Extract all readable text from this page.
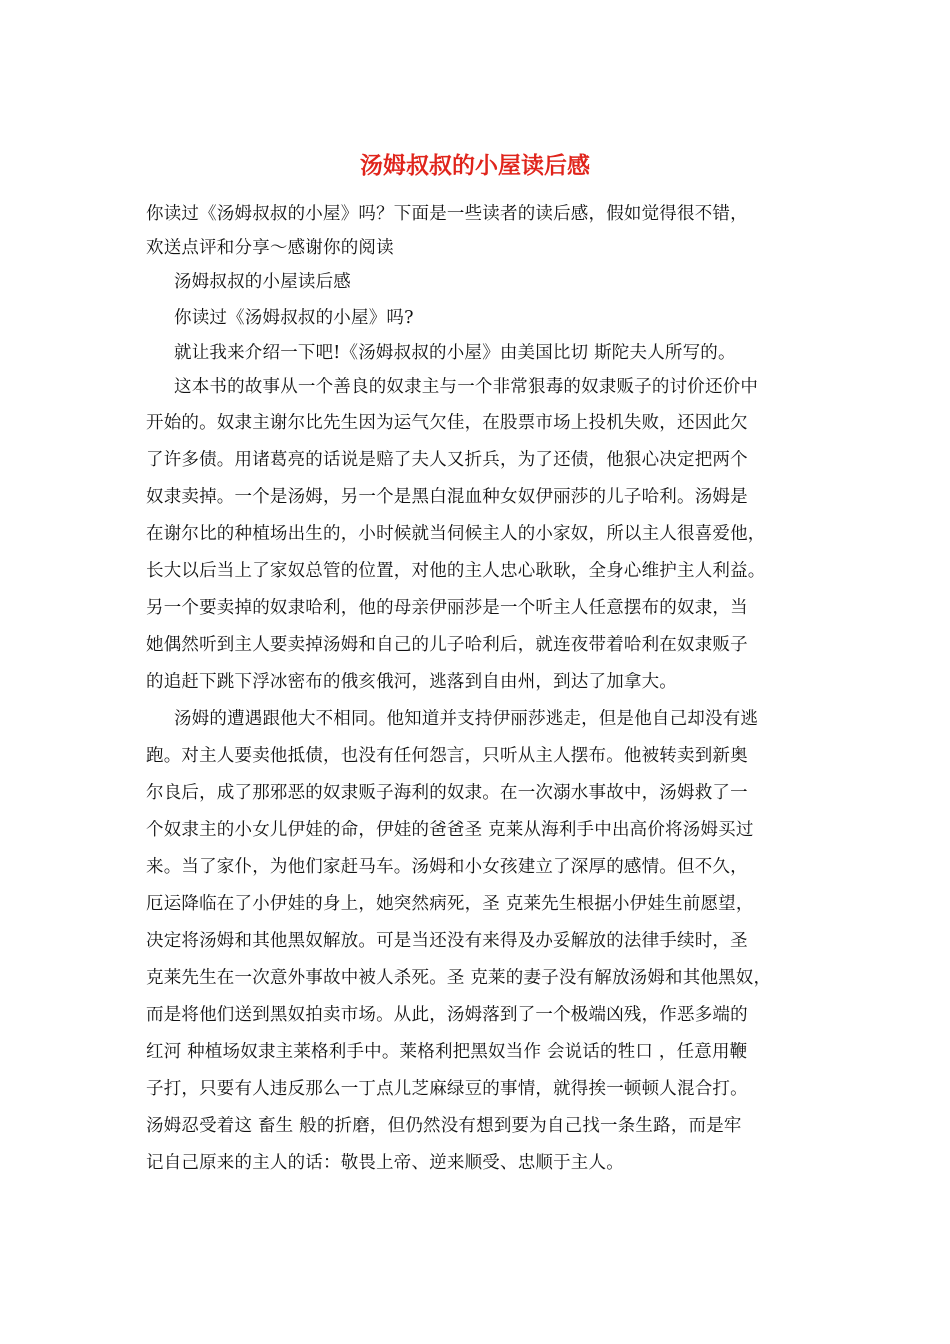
汤姆叔叔的小屋读后感
你读过《汤姆叔叔的小屋》吗？下面是一些读者的读后感，假如觉得很不错，
欢送点评和分享～感谢你的阅读
汤姆叔叔的小屋读后感
你读过《汤姆叔叔的小屋》吗?
就让我来介绍一下吧!《汤姆叔叔的小屋》由美国比切 斯陀夫人所写的。
这本书的故事从一个善良的奴隶主与一个非常狠毒的奴隶贩子的讨价还价中
开始的。奴隶主谢尔比先生因为运气欠佳，在股票市场上投机失败，还因此欠
了许多债。用诸葛亮的话说是赔了夫人又折兵，为了还债，他狠心决定把两个
奴隶卖掉。一个是汤姆，另一个是黑白混血种女奴伊丽莎的儿子哈利。汤姆是
在谢尔比的种植场出生的，小时候就当伺候主人的小家奴，所以主人很喜爱他，
长大以后当上了家奴总管的位置，对他的主人忠心耿耿，全身心维护主人利益。
另一个要卖掉的奴隶哈利，他的母亲伊丽莎是一个听主人任意摆布的奴隶，当
她偶然听到主人要卖掉汤姆和自己的儿子哈利后，就连夜带着哈利在奴隶贩子
的追赶下跳下浮冰密布的俄亥俄河，逃落到自由州，到达了加拿大。
汤姆的遭遇跟他大不相同。他知道并支持伊丽莎逃走，但是他自己却没有逃
跑。对主人要卖他抵债，也没有任何怨言，只听从主人摆布。他被转卖到新奥
尔良后，成了那邪恶的奴隶贩子海利的奴隶。在一次溺水事故中，汤姆救了一
个奴隶主的小女儿伊娃的命，伊娃的爸爸圣 克莱从海利手中出高价将汤姆买过
来。当了家仆，为他们家赶马车。汤姆和小女孩建立了深厚的感情。但不久，
厄运降临在了小伊娃的身上，她突然病死，圣 克莱先生根据小伊娃生前愿望，
决定将汤姆和其他黑奴解放。可是当还没有来得及办妥解放的法律手续时，圣
克莱先生在一次意外事故中被人杀死。圣 克莱的妻子没有解放汤姆和其他黑奴，
而是将他们送到黑奴拍卖市场。从此，汤姆落到了一个极端凶残，作恶多端的
红河 种植场奴隶主莱格利手中。莱格利把黑奴当作 会说话的牲口 ，任意用鞭
子打，只要有人违反那么一丁点儿芝麻绿豆的事情，就得挨一顿顿人混合打。
汤姆忍受着这 畜生 般的折磨，但仍然没有想到要为自己找一条生路，而是牢
记自己原来的主人的话：敬畏上帝、逆来顺受、忠顺于主人。
